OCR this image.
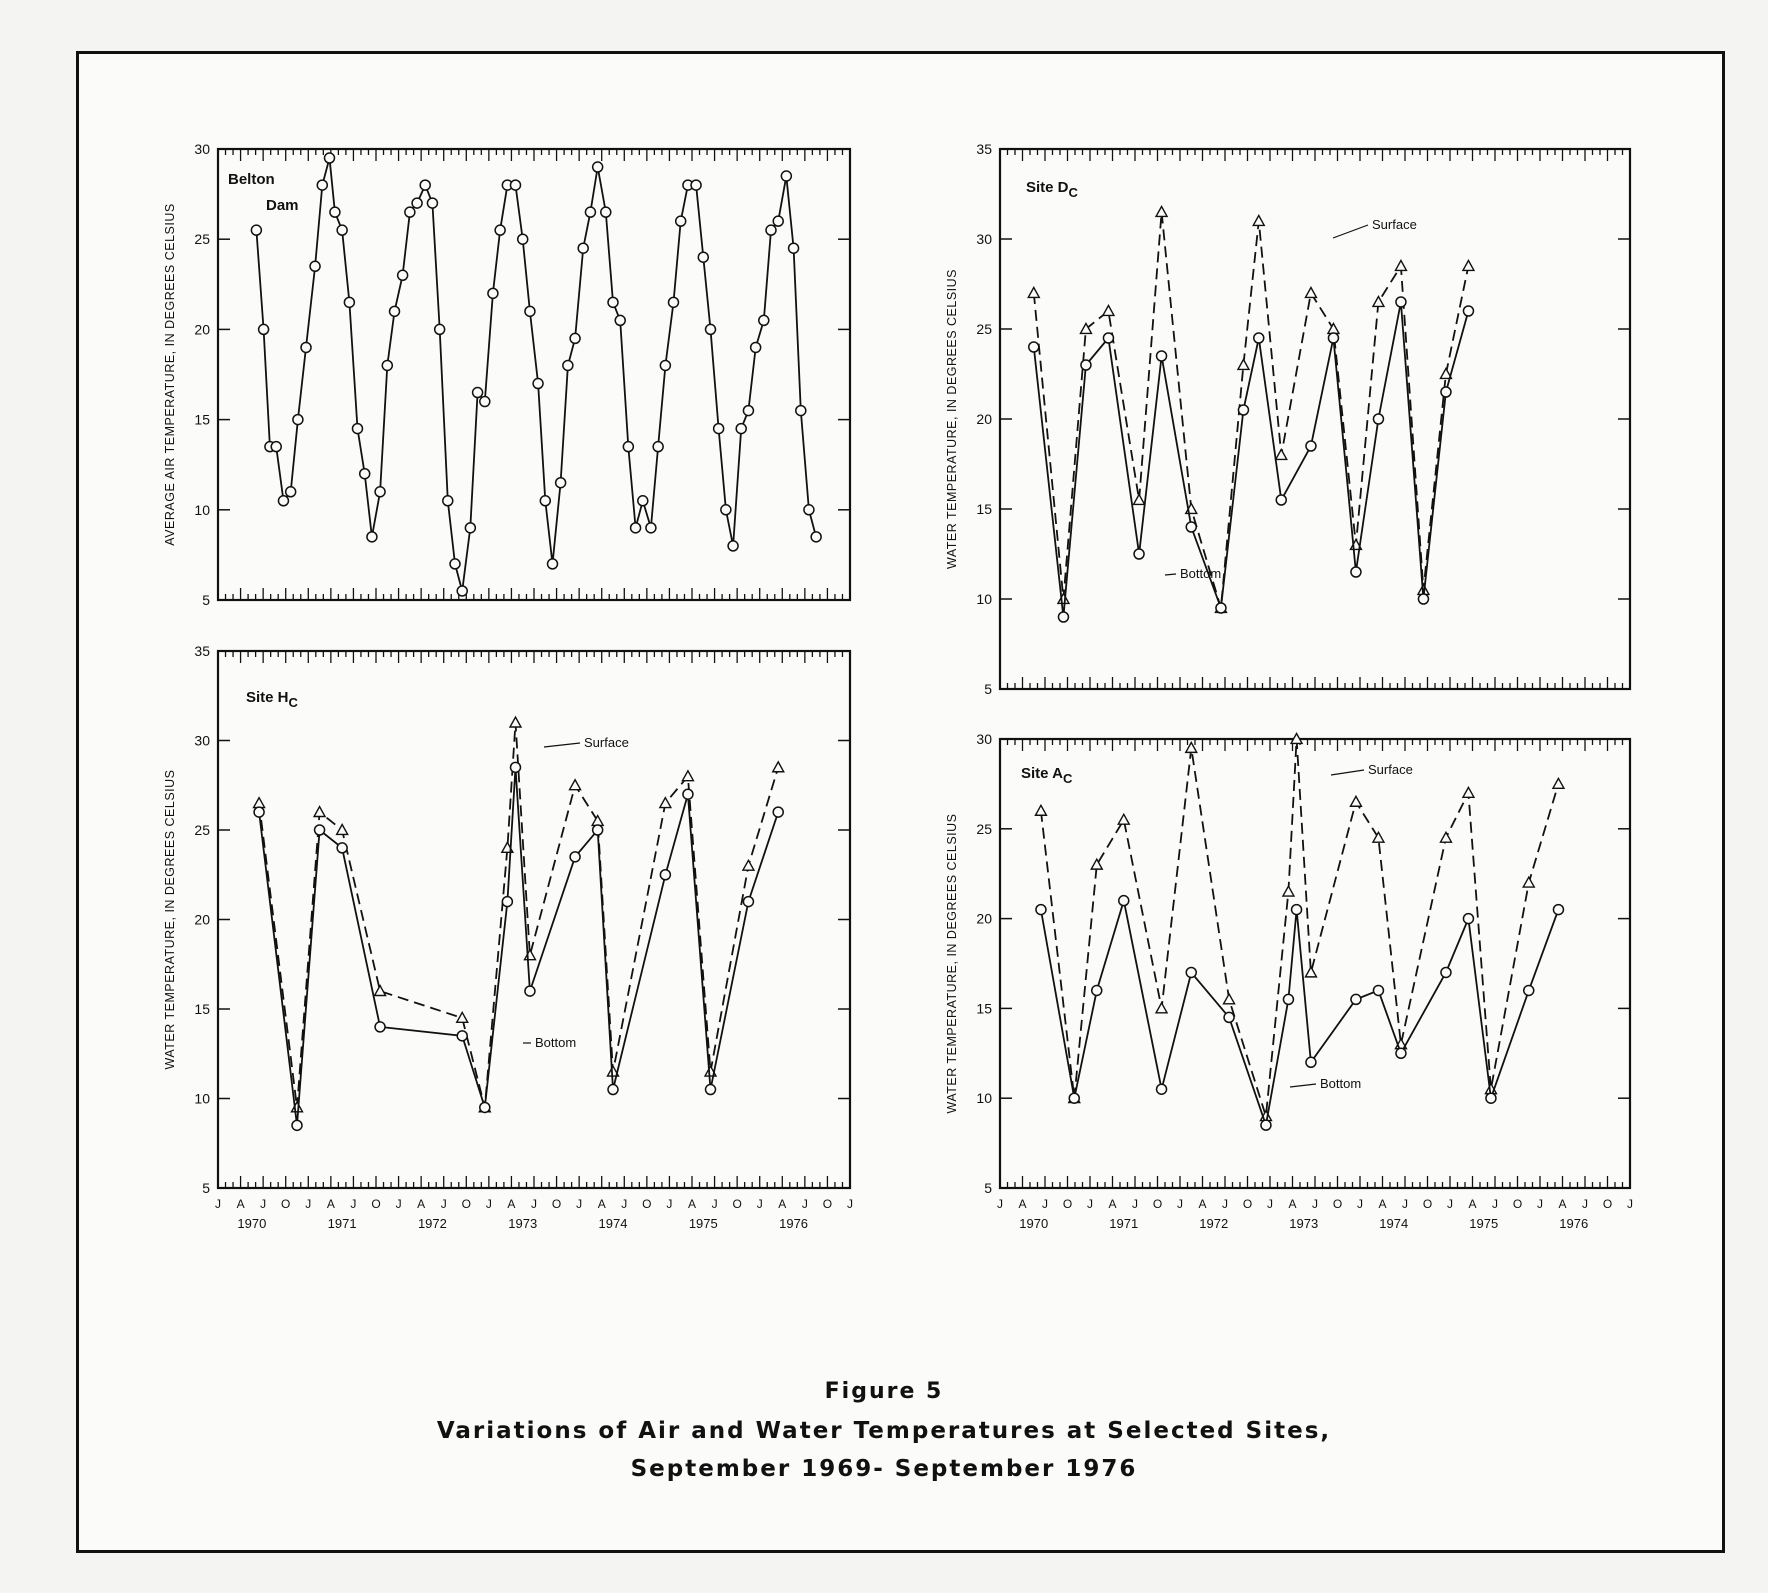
5
10
15
20
25
30
AVERAGE AIR TEMPERATURE, IN DEGREES CELSIUS
Belton
Dam
5
10
15
20
25
30
35
J A J O J A J O J A J O J A J O J A J O J A J O J A J O J
1970	1971	1972	1973	1974	1975	1976
WATER TEMPERATURE, IN DEGREES CELSIUS
Site HC
Surface
Bottom
5
10
15
20
25
30
35
WATER TEMPERATURE, IN DEGREES CELSIUS
Site DC
Surface
Bottom
5
10
15
20
25
30
J A J O J A J O J A J O J A J O J A J O J A J O J A J O J
1970	1971	1972	1973	1974	1975	1976
WATER TEMPERATURE, IN DEGREES CELSIUS
Site AC
Surface
Bottom
Figure 5
Variations of Air and Water Temperatures at Selected Sites,
September 1969- September 1976
